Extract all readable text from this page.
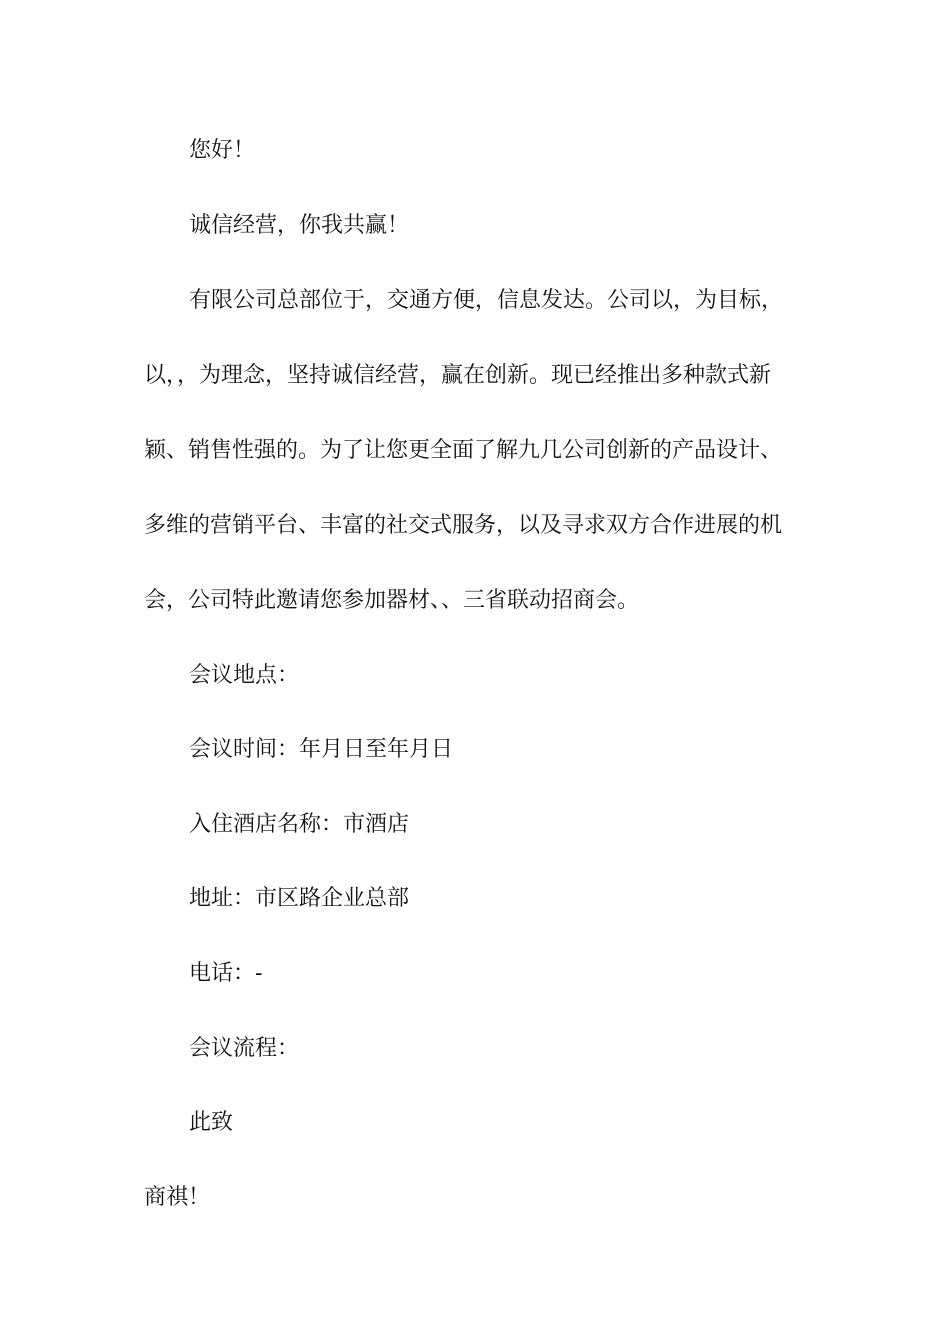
您好！
诚信经营，你我共赢！
有限公司总部位于，交通方便，信息发达。公司以，为目标，
以，，为理念，坚持诚信经营，赢在创新。现已经推出多种款式新
颖、销售性强的。为了让您更全面了解九几公司创新的产品设计、
多维的营销平台、丰富的社交式服务，以及寻求双方合作进展的机
会，公司特此邀请您参加器材、、三省联动招商会。
会议地点：
会议时间：年月日至年月日
入住酒店名称：市酒店
地址：市区路企业总部
电话：-
会议流程：
此致
商祺！
